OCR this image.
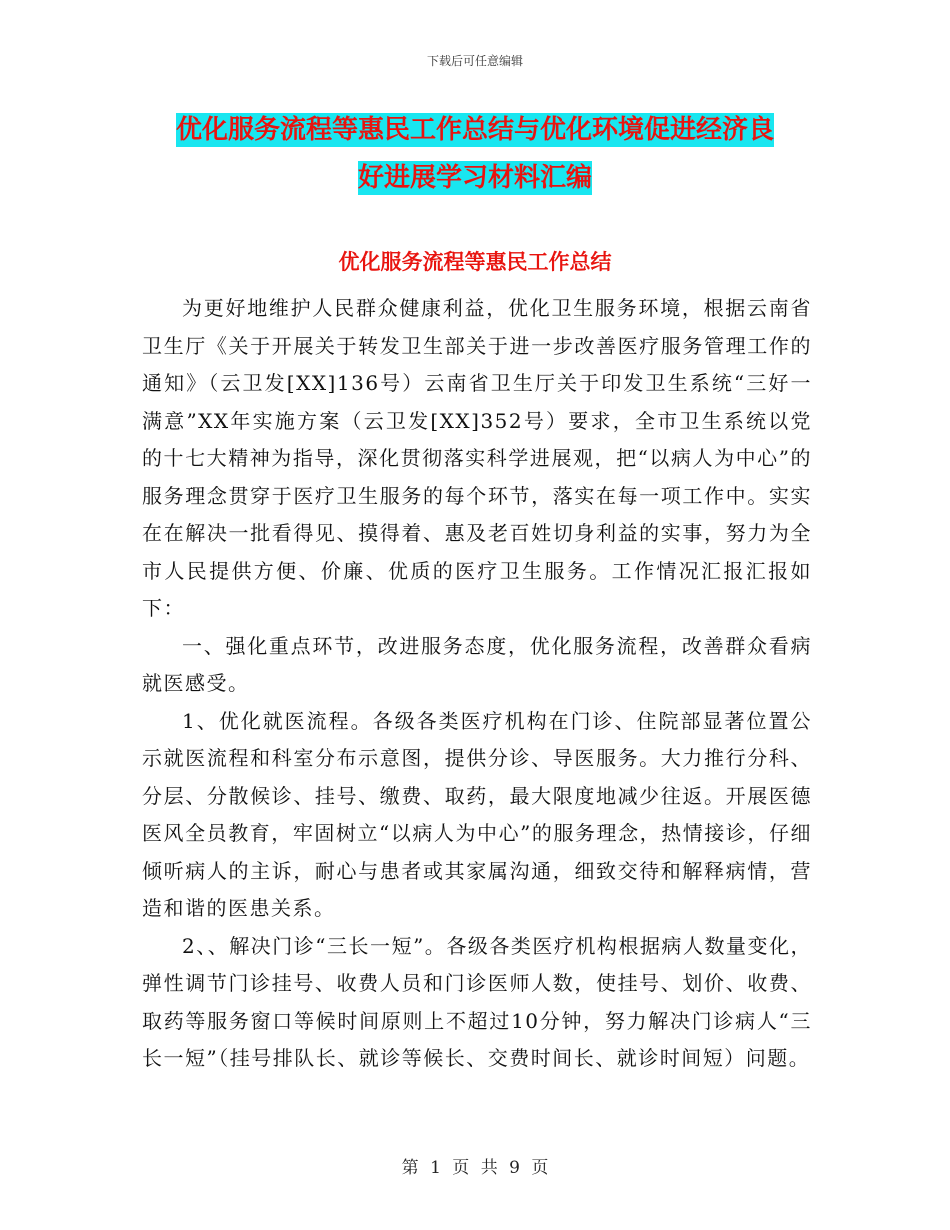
下载后可任意编辑
优化服务流程等惠民工作总结与优化环境促进经济良
好进展学习材料汇编
优化服务流程等惠民工作总结

为更好地维护人民群众健康利益，优化卫生服务环境，根据云南省卫生厅《关于开展关于转发卫生部关于进一步改善医疗服务管理工作的通知》（云卫发[XX]136号）云南省卫生厅关于印发卫生系统“三好一满意”XX年实施方案（云卫发[XX]352号）要求，全市卫生系统以党的十七大精神为指导，深化贯彻落实科学进展观，把“以病人为中心”的服务理念贯穿于医疗卫生服务的每个环节，落实在每一项工作中。实实在在解决一批看得见、摸得着、惠及老百姓切身利益的实事，努力为全市人民提供方便、价廉、优质的医疗卫生服务。工作情况汇报汇报如下：

一、强化重点环节，改进服务态度，优化服务流程，改善群众看病就医感受。

1、优化就医流程。各级各类医疗机构在门诊、住院部显著位置公示就医流程和科室分布示意图，提供分诊、导医服务。大力推行分科、分层、分散候诊、挂号、缴费、取药，最大限度地减少往返。开展医德医风全员教育，牢固树立“以病人为中心”的服务理念，热情接诊，仔细倾听病人的主诉，耐心与患者或其家属沟通，细致交待和解释病情，营造和谐的医患关系。

2、、解决门诊“三长一短”。各级各类医疗机构根据病人数量变化，弹性调节门诊挂号、收费人员和门诊医师人数，使挂号、划价、收费、取药等服务窗口等候时间原则上不超过10分钟，努力解决门诊病人“三长一短”（挂号排队长、就诊等候长、交费时间长、就诊时间短）问题。

第 1 页 共 9 页
